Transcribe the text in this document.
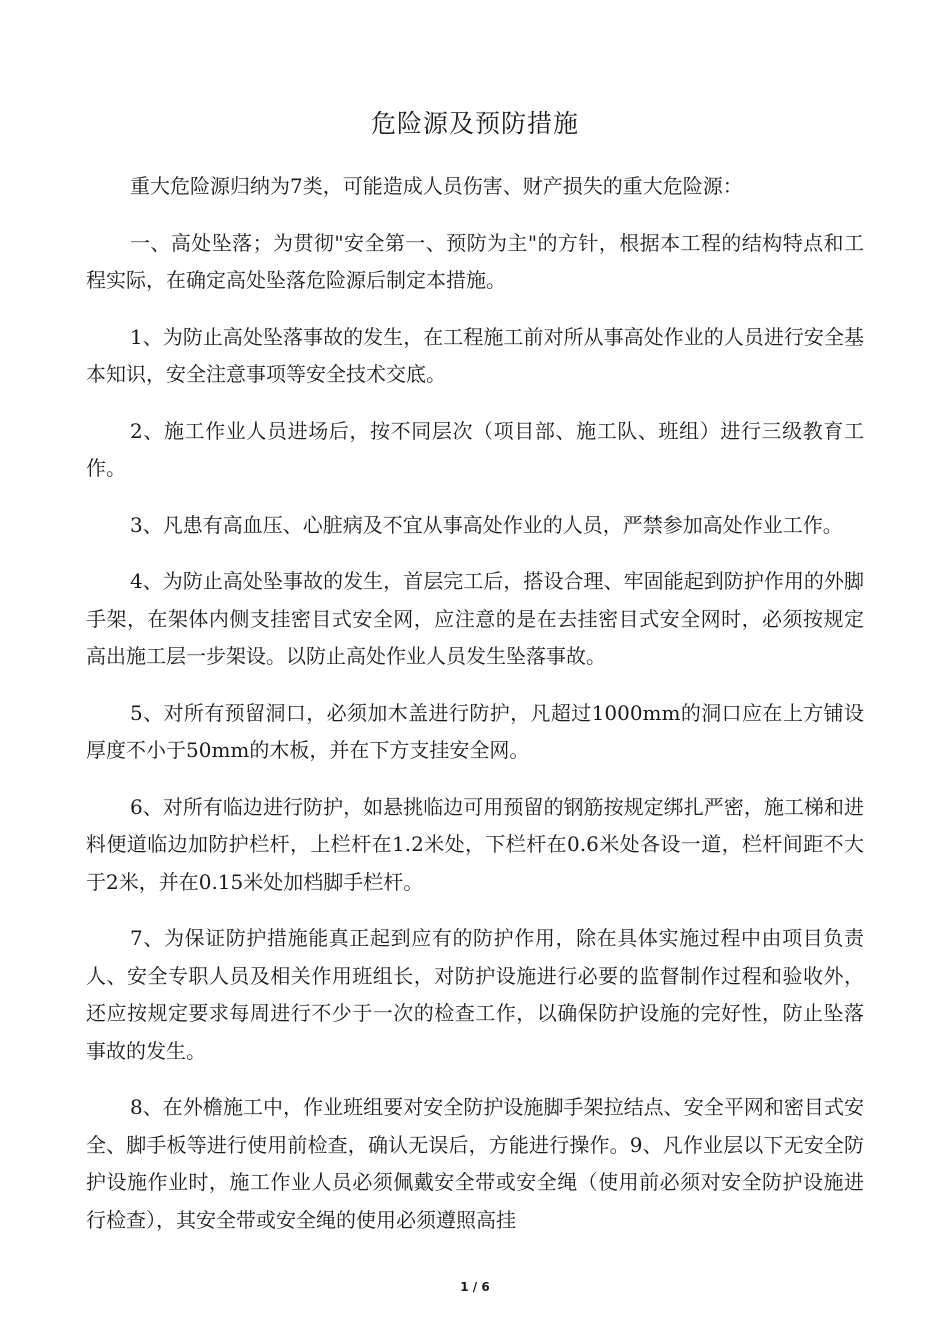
危险源及预防措施

重大危险源归纳为7类，可能造成人员伤害、财产损失的重大危险源：

一、高处坠落；为贯彻"安全第一、预防为主"的方针，根据本工程的结构特点和工程实际，在确定高处坠落危险源后制定本措施。

1、为防止高处坠落事故的发生，在工程施工前对所从事高处作业的人员进行安全基本知识，安全注意事项等安全技术交底。

2、施工作业人员进场后，按不同层次（项目部、施工队、班组）进行三级教育工作。

3、凡患有高血压、心脏病及不宜从事高处作业的人员，严禁参加高处作业工作。

4、为防止高处坠事故的发生，首层完工后，搭设合理、牢固能起到防护作用的外脚手架，在架体内侧支挂密目式安全网，应注意的是在去挂密目式安全网时，必须按规定高出施工层一步架设。以防止高处作业人员发生坠落事故。

5、对所有预留洞口，必须加木盖进行防护，凡超过1000mm的洞口应在上方铺设厚度不小于50mm的木板，并在下方支挂安全网。

6、对所有临边进行防护，如悬挑临边可用预留的钢筋按规定绑扎严密，施工梯和进料便道临边加防护栏杆，上栏杆在1.2米处，下栏杆在0.6米处各设一道，栏杆间距不大于2米，并在0.15米处加档脚手栏杆。

7、为保证防护措施能真正起到应有的防护作用，除在具体实施过程中由项目负责人、安全专职人员及相关作用班组长，对防护设施进行必要的监督制作过程和验收外，还应按规定要求每周进行不少于一次的检查工作，以确保防护设施的完好性，防止坠落事故的发生。

8、在外檐施工中，作业班组要对安全防护设施脚手架拉结点、安全平网和密目式安全、脚手板等进行使用前检查，确认无误后，方能进行操作。9、凡作业层以下无安全防护设施作业时，施工作业人员必须佩戴安全带或安全绳（使用前必须对安全防护设施进行检查），其安全带或安全绳的使用必须遵照高挂

1 / 6
